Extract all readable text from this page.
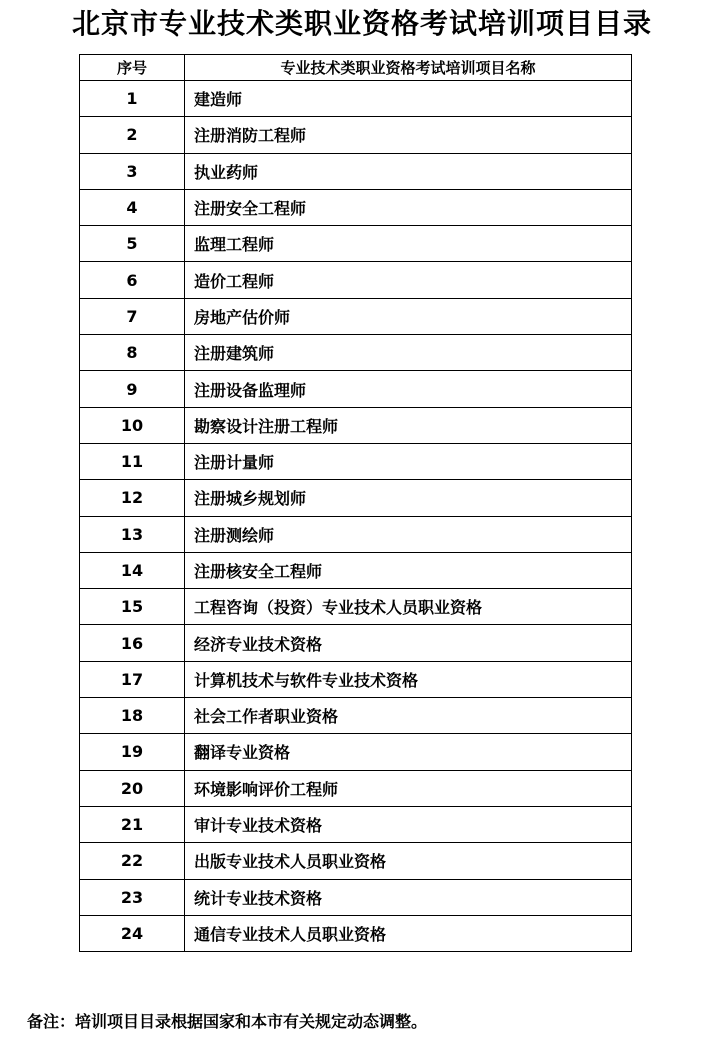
北京市专业技术类职业资格考试培训项目目录
序号	专业技术类职业资格考试培训项目名称
1	建造师
2	注册消防工程师
3	执业药师
4	注册安全工程师
5	监理工程师
6	造价工程师
7	房地产估价师
8	注册建筑师
9	注册设备监理师
10	勘察设计注册工程师
11	注册计量师
12	注册城乡规划师
13	注册测绘师
14	注册核安全工程师
15	工程咨询（投资）专业技术人员职业资格
16	经济专业技术资格
17	计算机技术与软件专业技术资格
18	社会工作者职业资格
19	翻译专业资格
20	环境影响评价工程师
21	审计专业技术资格
22	出版专业技术人员职业资格
23	统计专业技术资格
24	通信专业技术人员职业资格
备注：培训项目目录根据国家和本市有关规定动态调整。
